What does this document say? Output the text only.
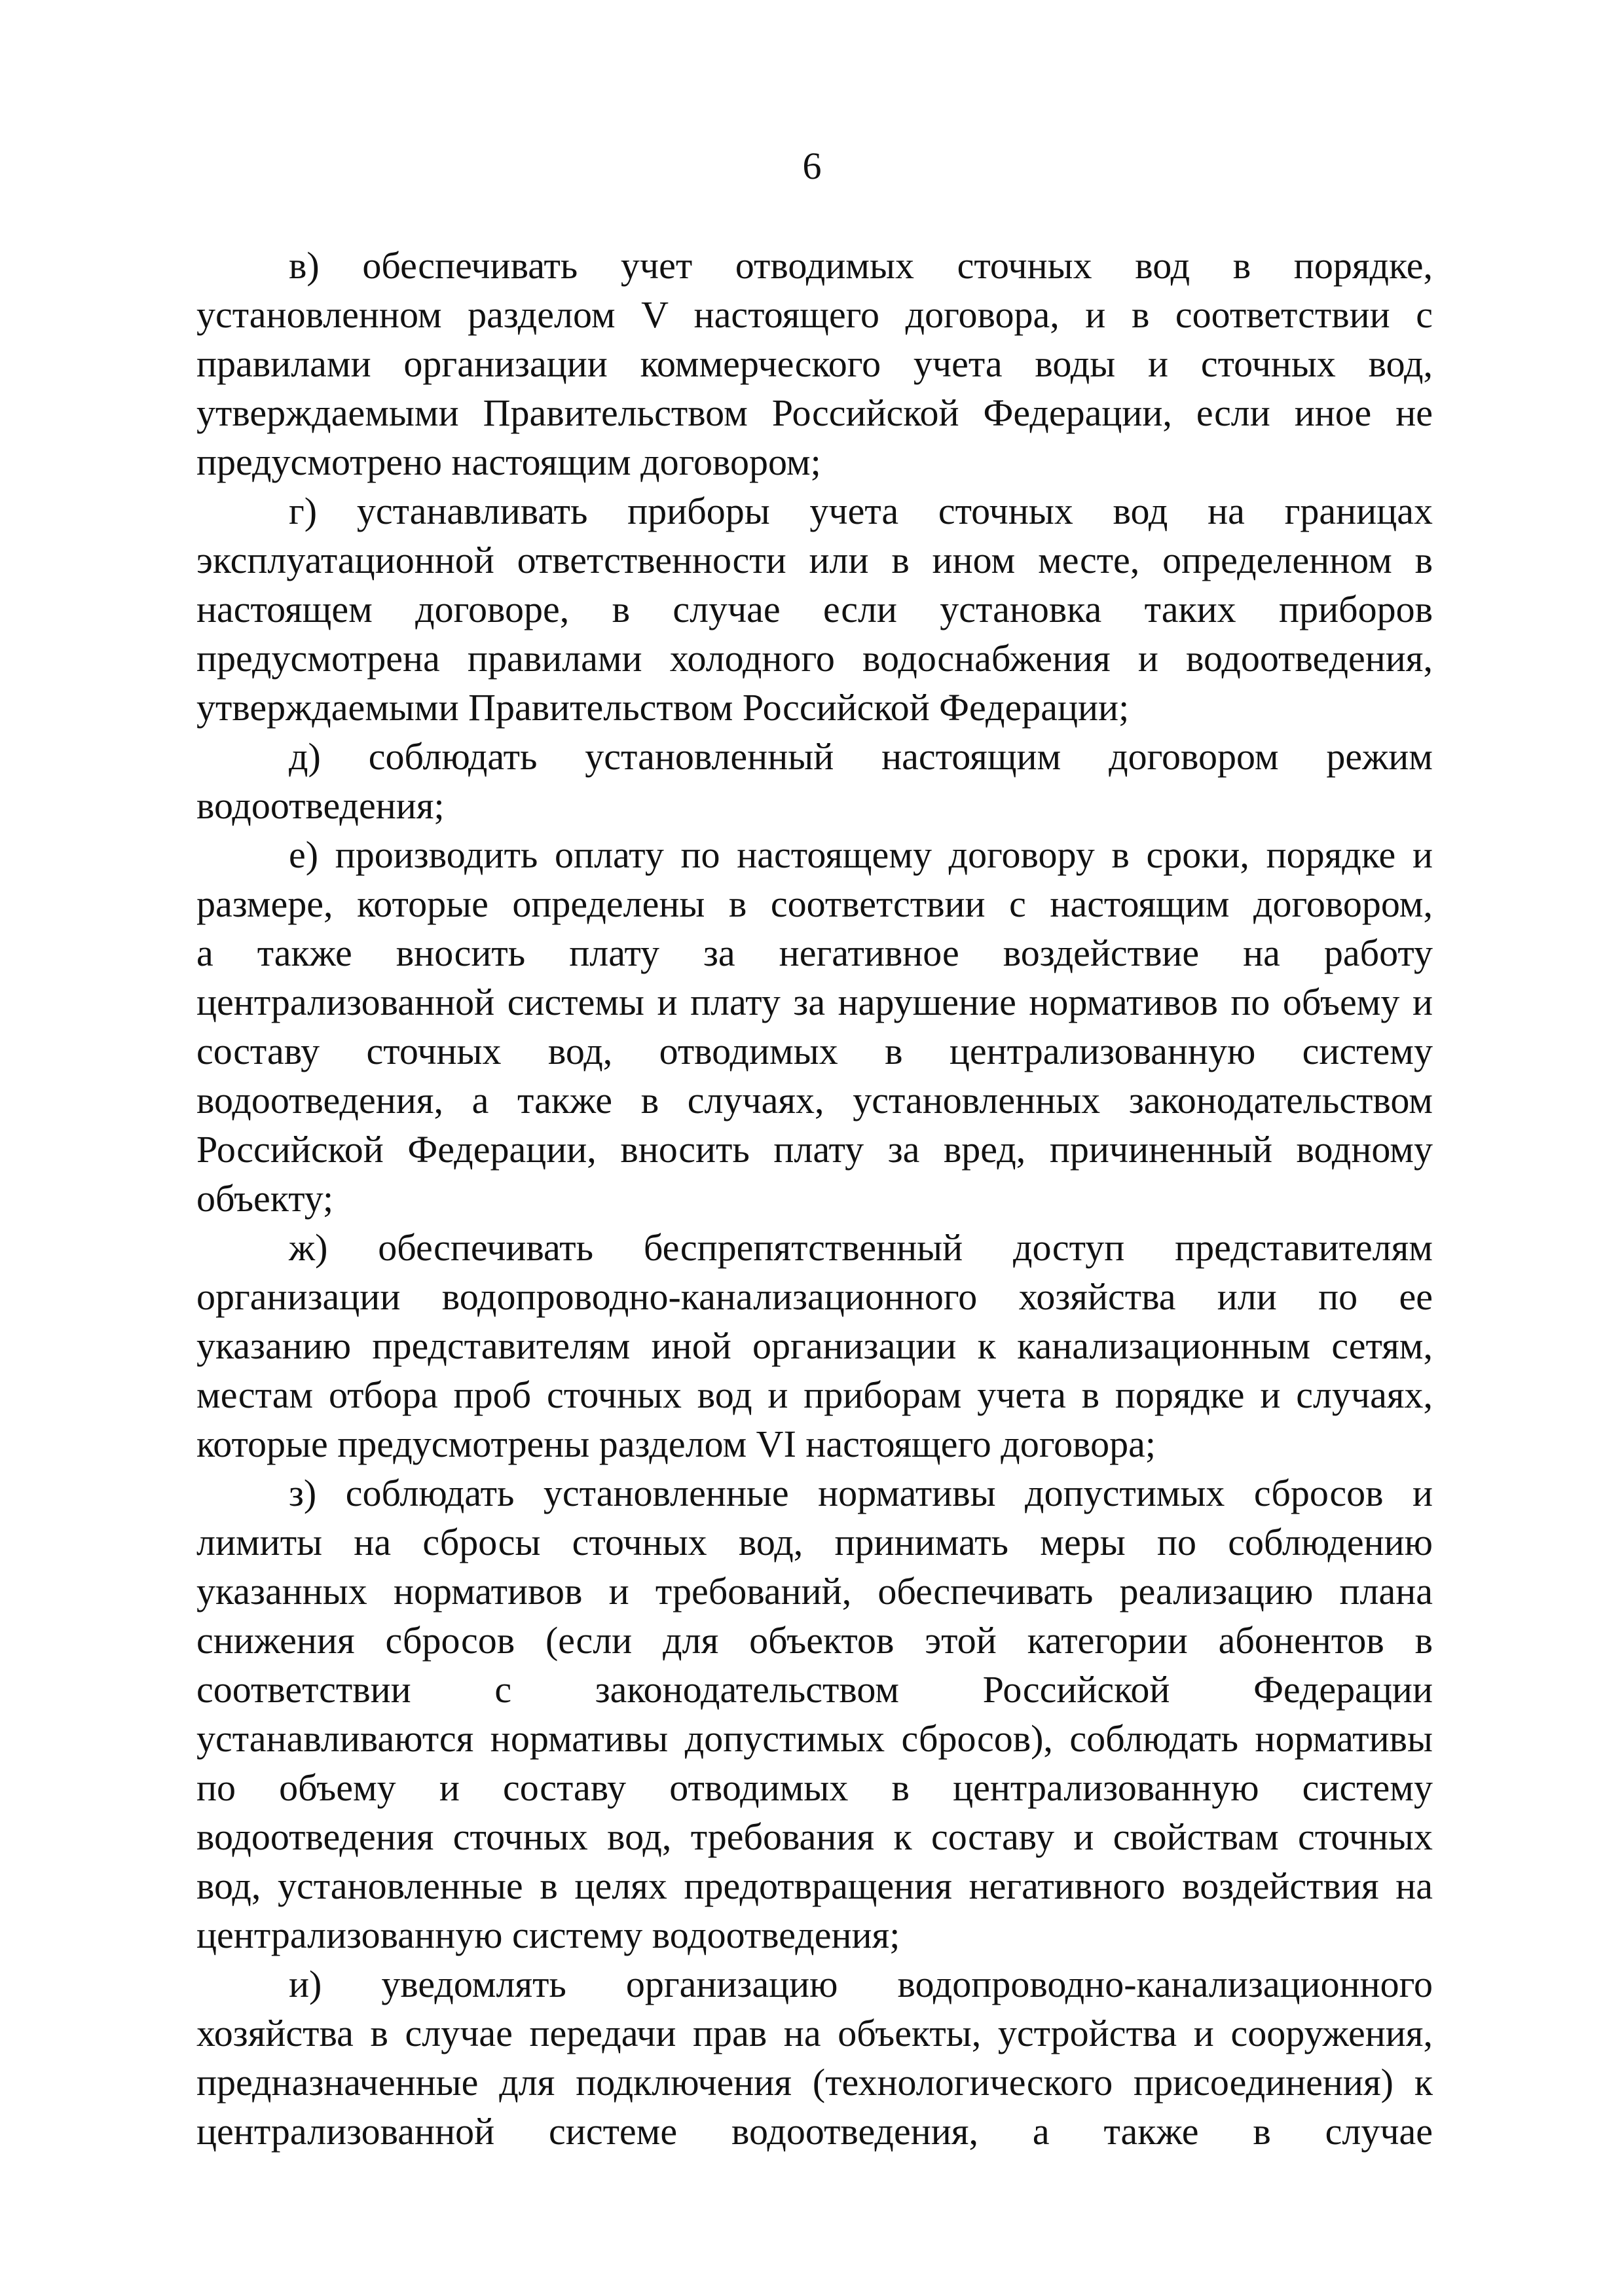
6

в) обеспечивать учет отводимых сточных вод в порядке,
установленном разделом V настоящего договора, и в соответствии с
правилами организации коммерческого учета воды и сточных вод,
утверждаемыми Правительством Российской Федерации, если иное не
предусмотрено настоящим договором;

г) устанавливать приборы учета сточных вод на границах
эксплуатационной ответственности или в ином месте, определенном в
настоящем договоре, в случае если установка таких приборов
предусмотрена правилами холодного водоснабжения и водоотведения,
утверждаемыми Правительством Российской Федерации;

д) соблюдать установленный настоящим договором режим
водоотведения;

е) производить оплату по настоящему договору в сроки, порядке и
размере, которые определены в соответствии с настоящим договором,
а также вносить плату за негативное воздействие на работу
централизованной системы и плату за нарушение нормативов по объему и
составу сточных вод, отводимых в централизованную систему
водоотведения, а также в случаях, установленных законодательством
Российской Федерации, вносить плату за вред, причиненный водному
объекту;

ж) обеспечивать беспрепятственный доступ представителям
организации водопроводно-канализационного хозяйства или по ее
указанию представителям иной организации к канализационным сетям,
местам отбора проб сточных вод и приборам учета в порядке и случаях,
которые предусмотрены разделом VI настоящего договора;

з) соблюдать установленные нормативы допустимых сбросов и
лимиты на сбросы сточных вод, принимать меры по соблюдению
указанных нормативов и требований, обеспечивать реализацию плана
снижения сбросов (если для объектов этой категории абонентов в
соответствии с законодательством Российской Федерации
устанавливаются нормативы допустимых сбросов), соблюдать нормативы
по объему и составу отводимых в централизованную систему
водоотведения сточных вод, требования к составу и свойствам сточных
вод, установленные в целях предотвращения негативного воздействия на
централизованную систему водоотведения;

и) уведомлять организацию водопроводно-канализационного
хозяйства в случае передачи прав на объекты, устройства и сооружения,
предназначенные для подключения (технологического присоединения) к
централизованной системе водоотведения, а также в случае
